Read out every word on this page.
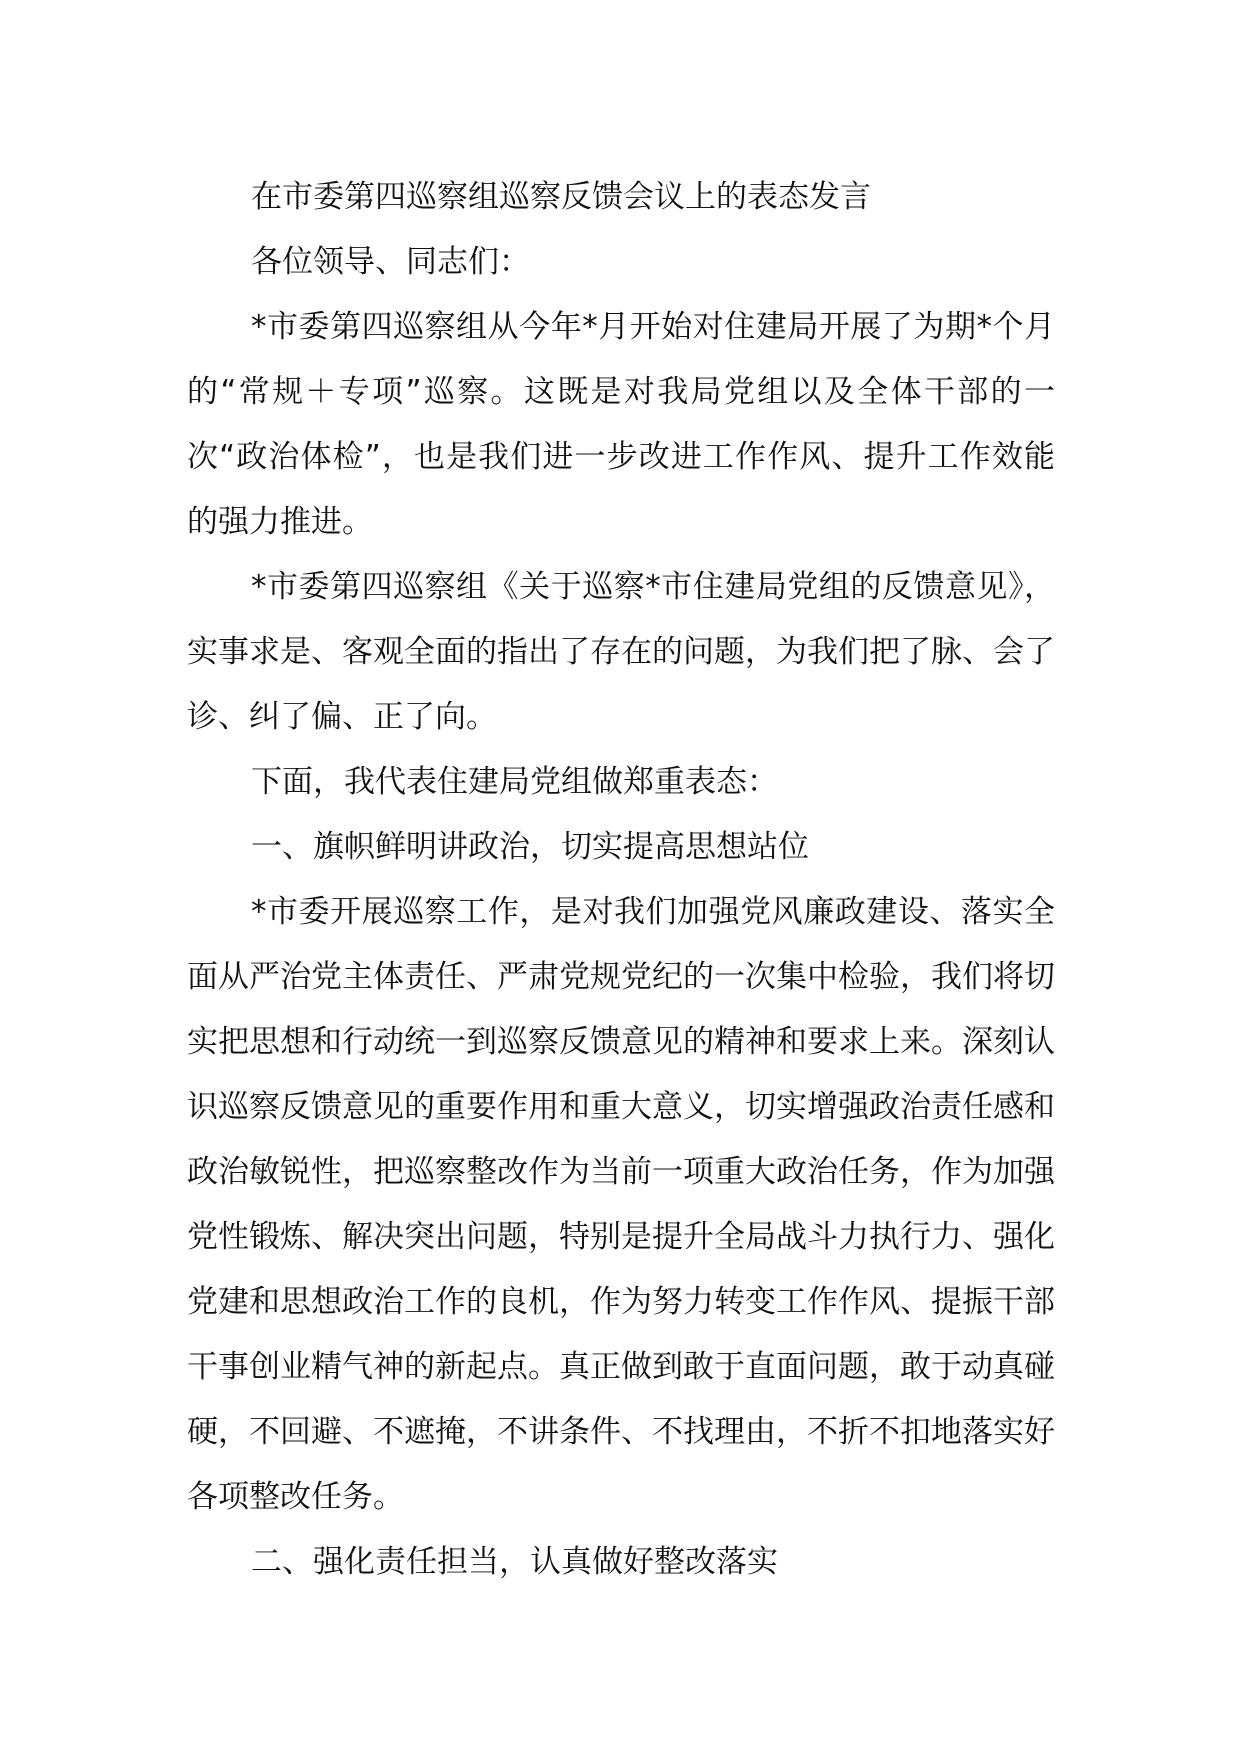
在市委第四巡察组巡察反馈会议上的表态发言

各位领导、同志们：

*市委第四巡察组从今年*月开始对住建局开展了为期*个月的“常规＋专项”巡察。这既是对我局党组以及全体干部的一次“政治体检”，也是我们进一步改进工作作风、提升工作效能的强力推进。

*市委第四巡察组《关于巡察*市住建局党组的反馈意见》，实事求是、客观全面的指出了存在的问题，为我们把了脉、会了诊、纠了偏、正了向。

下面，我代表住建局党组做郑重表态：

一、旗帜鲜明讲政治，切实提高思想站位

*市委开展巡察工作，是对我们加强党风廉政建设、落实全面从严治党主体责任、严肃党规党纪的一次集中检验，我们将切实把思想和行动统一到巡察反馈意见的精神和要求上来。深刻认识巡察反馈意见的重要作用和重大意义，切实增强政治责任感和政治敏锐性，把巡察整改作为当前一项重大政治任务，作为加强党性锻炼、解决突出问题，特别是提升全局战斗力执行力、强化党建和思想政治工作的良机，作为努力转变工作作风、提振干部干事创业精气神的新起点。真正做到敢于直面问题，敢于动真碰硬，不回避、不遮掩，不讲条件、不找理由，不折不扣地落实好各项整改任务。

二、强化责任担当，认真做好整改落实
